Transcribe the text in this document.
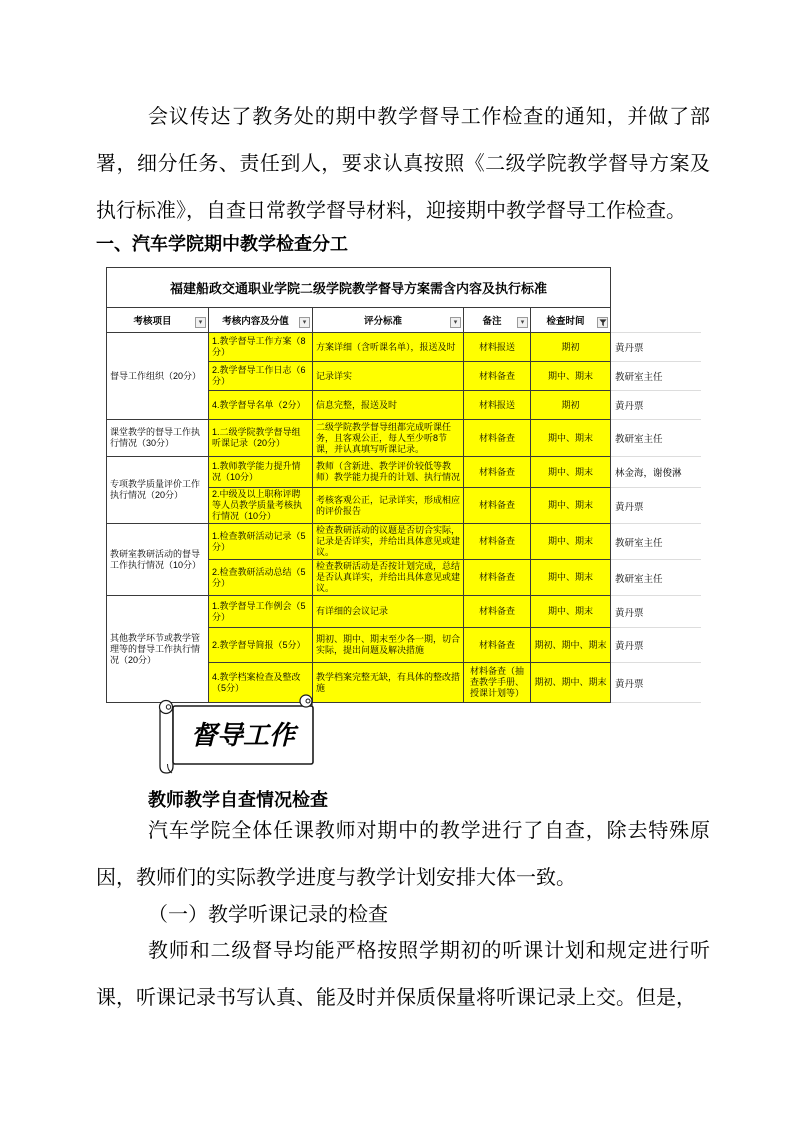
会议传达了教务处的期中教学督导工作检查的通知，并做了部署，细分任务、责任到人，要求认真按照《二级学院教学督导方案及执行标准》，自查日常教学督导材料，迎接期中教学督导工作检查。
一、汽车学院期中教学检查分工
福建船政交通职业学院二级学院教学督导方案需含内容及执行标准					
考核项目 ▾	考核内容及分值 ▾	评分标准 ▾	备注 ▾	检查时间

督导工作组织（20分）	1.教学督导工作方案（8分）	方案详细（含听课名单），报送及时	材料报送	期初	黄丹票
	2.教学督导工作日志（6分）	记录详实	材料备查	期中、期末	教研室主任
	4.教学督导名单（2分）	信息完整，报送及时	材料报送	期初	黄丹票
课堂教学的督导工作执行情况（30分）	1.二级学院教学督导组听课记录（20分）	二级学院教学督导组都完成听课任务，且客观公正，每人至少听8节课，并认真填写听课记录。	材料备查	期中、期末	教研室主任
专项教学质量评价工作执行情况（20分）	1.教师教学能力提升情况（10分）	教师（含新进、教学评价较低等教师）教学能力提升的计划、执行情况	材料备查	期中、期末	林金海，谢俊淋
	2.中级及以上职称评聘等人员教学质量考核执行情况（10分）	考核客观公正，记录详实，形成相应的评价报告	材料备查	期中、期末	黄丹票
教研室教研活动的督导工作执行情况（10分）	1.检查教研活动记录（5分）	检查教研活动的议题是否切合实际，记录是否详实，并给出具体意见或建议。	材料备查	期中、期末	教研室主任
	2.检查教研活动总结（5分）	检查教研活动是否按计划完成，总结是否认真详实，并给出具体意见或建议。	材料备查	期中、期末	教研室主任
其他教学环节或教学管理等的督导工作执行情况（20分）	1.教学督导工作例会（5分）	有详细的会议记录	材料备查	期中、期末	黄丹票
	2.教学督导简报（5分）	期初、期中、期末至少各一期，切合实际，提出问题及解决措施	材料备查	期初、期中、期末	黄丹票
	4.教学档案检查及整改（5分）	教学档案完整无缺，有具体的整改措施	材料备查（抽查教学手册、授课计划等）	期初、期中、期末	黄丹票
督导工作
教师教学自查情况检查
汽车学院全体任课教师对期中的教学进行了自查，除去特殊原因，教师们的实际教学进度与教学计划安排大体一致。
（一）教学听课记录的检查
教师和二级督导均能严格按照学期初的听课计划和规定进行听课，听课记录书写认真、能及时并保质保量将听课记录上交。但是，
